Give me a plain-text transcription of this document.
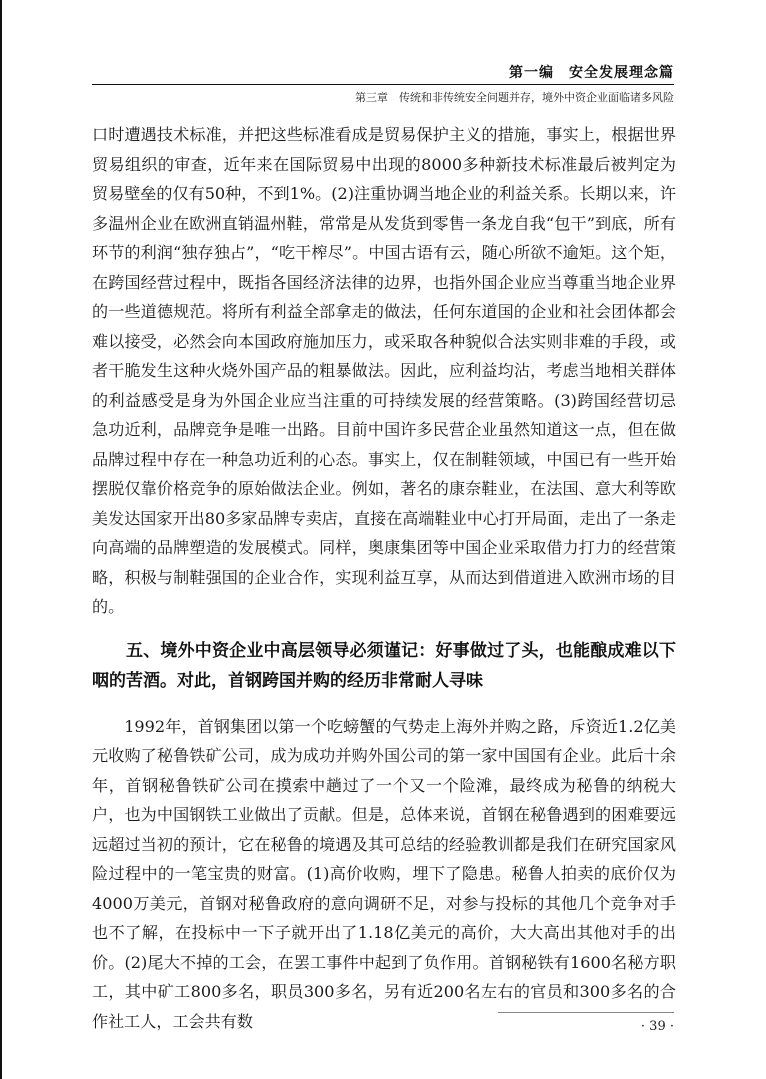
第一编　安全发展理念篇
第三章　传统和非传统安全问题并存，境外中资企业面临诸多风险

口时遭遇技术标准，并把这些标准看成是贸易保护主义的措施，事实上，根据世界贸易组织的审查，近年来在国际贸易中出现的8000多种新技术标准最后被判定为贸易壁垒的仅有50种，不到1%。(2)注重协调当地企业的利益关系。长期以来，许多温州企业在欧洲直销温州鞋，常常是从发货到零售一条龙自我“包干”到底，所有环节的利润“独存独占”，“吃干榨尽”。中国古语有云，随心所欲不逾矩。这个矩，在跨国经营过程中，既指各国经济法律的边界，也指外国企业应当尊重当地企业界的一些道德规范。将所有利益全部拿走的做法，任何东道国的企业和社会团体都会难以接受，必然会向本国政府施加压力，或采取各种貌似合法实则非难的手段，或者干脆发生这种火烧外国产品的粗暴做法。因此，应利益均沾，考虑当地相关群体的利益感受是身为外国企业应当注重的可持续发展的经营策略。(3)跨国经营切忌急功近利，品牌竞争是唯一出路。目前中国许多民营企业虽然知道这一点，但在做品牌过程中存在一种急功近利的心态。事实上，仅在制鞋领域，中国已有一些开始摆脱仅靠价格竞争的原始做法企业。例如，著名的康奈鞋业，在法国、意大利等欧美发达国家开出80多家品牌专卖店，直接在高端鞋业中心打开局面，走出了一条走向高端的品牌塑造的发展模式。同样，奥康集团等中国企业采取借力打力的经营策略，积极与制鞋强国的企业合作，实现利益互享，从而达到借道进入欧洲市场的目的。

五、境外中资企业中高层领导必须谨记：好事做过了头，也能酿成难以下咽的苦酒。对此，首钢跨国并购的经历非常耐人寻味

1992年，首钢集团以第一个吃螃蟹的气势走上海外并购之路，斥资近1.2亿美元收购了秘鲁铁矿公司，成为成功并购外国公司的第一家中国国有企业。此后十余年，首钢秘鲁铁矿公司在摸索中趟过了一个又一个险滩，最终成为秘鲁的纳税大户，也为中国钢铁工业做出了贡献。但是，总体来说，首钢在秘鲁遇到的困难要远远超过当初的预计，它在秘鲁的境遇及其可总结的经验教训都是我们在研究国家风险过程中的一笔宝贵的财富。(1)高价收购，埋下了隐患。秘鲁人拍卖的底价仅为4000万美元，首钢对秘鲁政府的意向调研不足，对参与投标的其他几个竞争对手也不了解，在投标中一下子就开出了1.18亿美元的高价，大大高出其他对手的出价。(2)尾大不掉的工会，在罢工事件中起到了负作用。首钢秘铁有1600名秘方职工，其中矿工800多名，职员300多名，另有近200名左右的官员和300多名的合作社工人，工会共有数	· 39 ·
